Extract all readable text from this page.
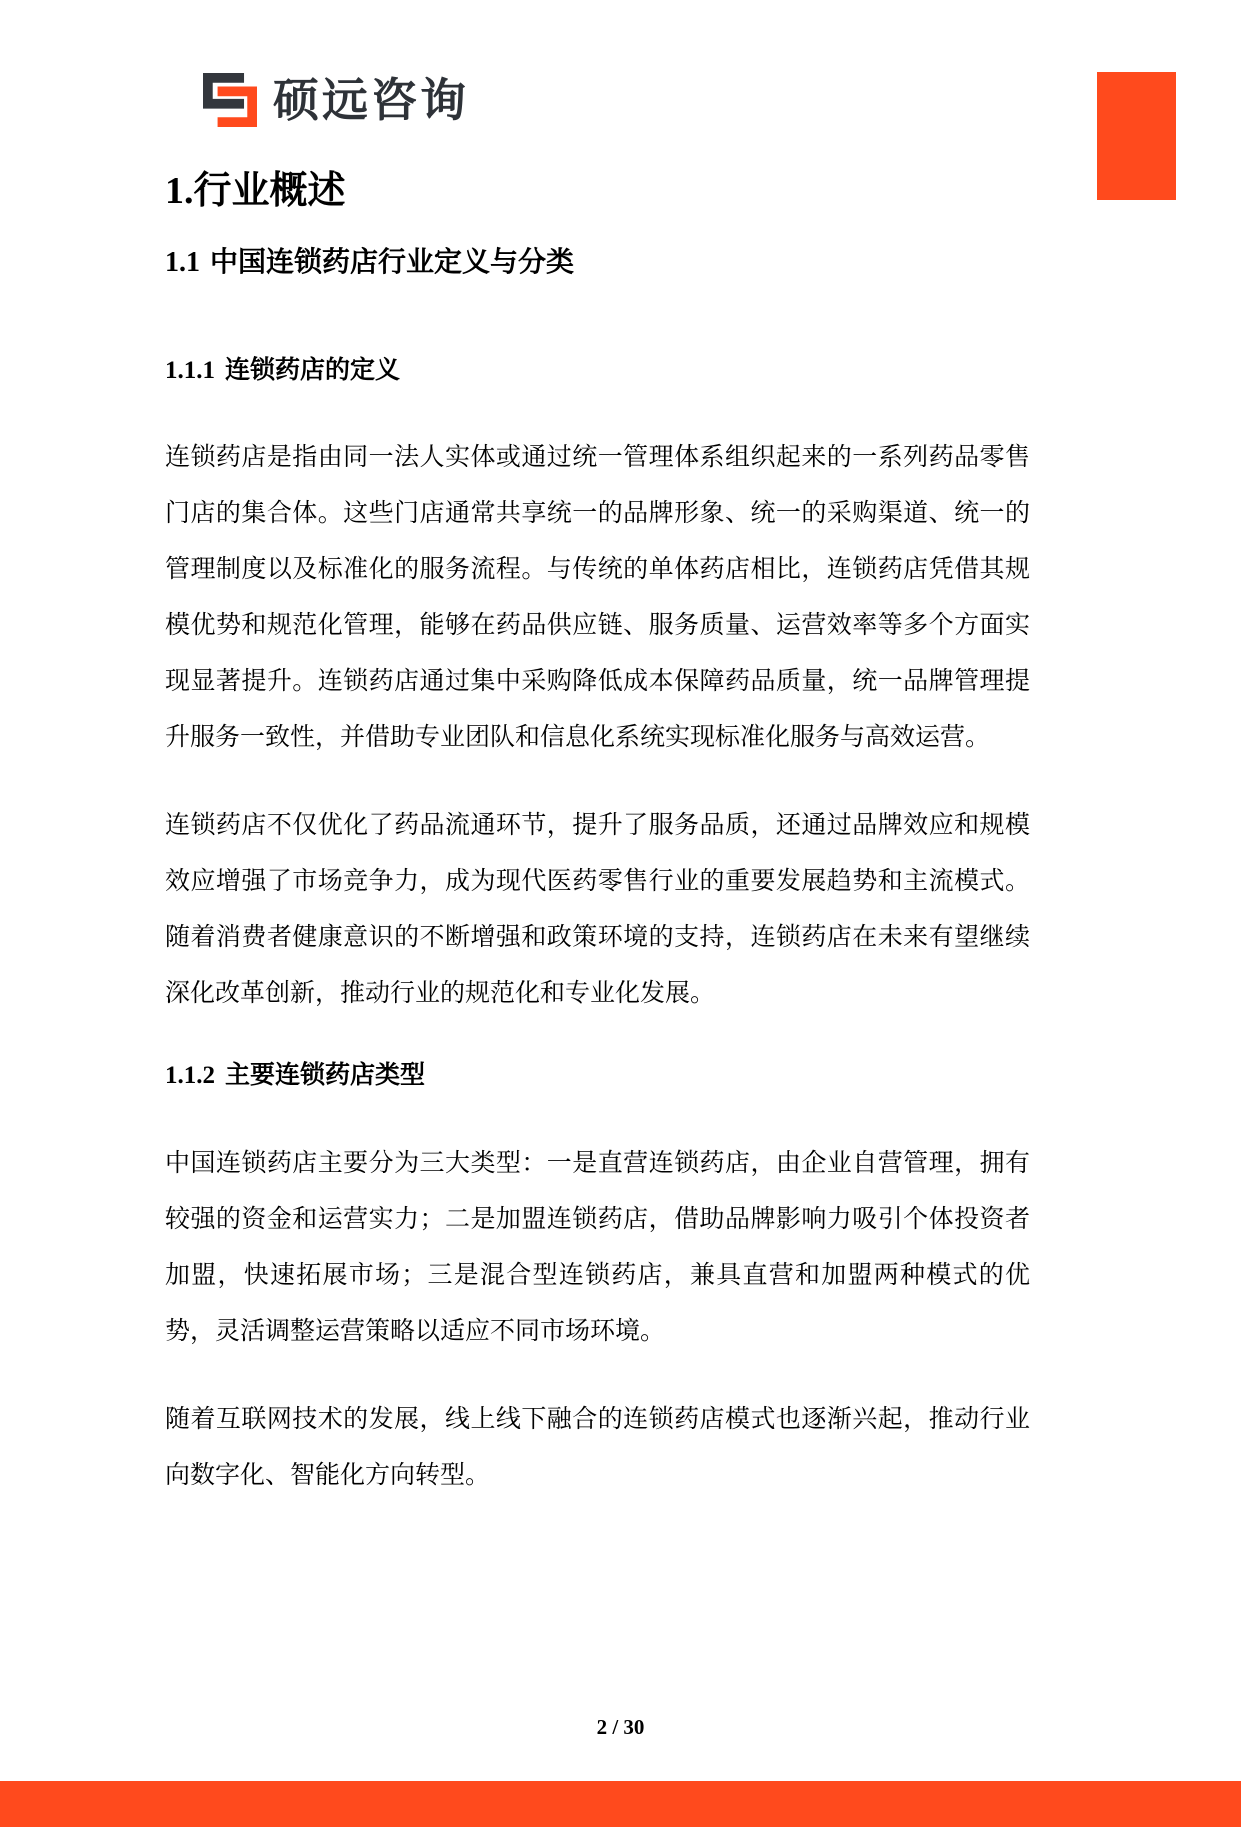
硕远咨询
1.行业概述
1.1 中国连锁药店行业定义与分类
1.1.1 连锁药店的定义

连锁药店是指由同一法人实体或通过统一管理体系组织起来的一系列药品零售门店的集合体。这些门店通常共享统一的品牌形象、统一的采购渠道、统一的管理制度以及标准化的服务流程。与传统的单体药店相比，连锁药店凭借其规模优势和规范化管理，能够在药品供应链、服务质量、运营效率等多个方面实现显著提升。连锁药店通过集中采购降低成本保障药品质量，统一品牌管理提升服务一致性，并借助专业团队和信息化系统实现标准化服务与高效运营。

连锁药店不仅优化了药品流通环节，提升了服务品质，还通过品牌效应和规模效应增强了市场竞争力，成为现代医药零售行业的重要发展趋势和主流模式。随着消费者健康意识的不断增强和政策环境的支持，连锁药店在未来有望继续深化改革创新，推动行业的规范化和专业化发展。

1.1.2 主要连锁药店类型

中国连锁药店主要分为三大类型：一是直营连锁药店，由企业自营管理，拥有较强的资金和运营实力；二是加盟连锁药店，借助品牌影响力吸引个体投资者加盟，快速拓展市场；三是混合型连锁药店，兼具直营和加盟两种模式的优势，灵活调整运营策略以适应不同市场环境。

随着互联网技术的发展，线上线下融合的连锁药店模式也逐渐兴起，推动行业向数字化、智能化方向转型。

2 / 30
